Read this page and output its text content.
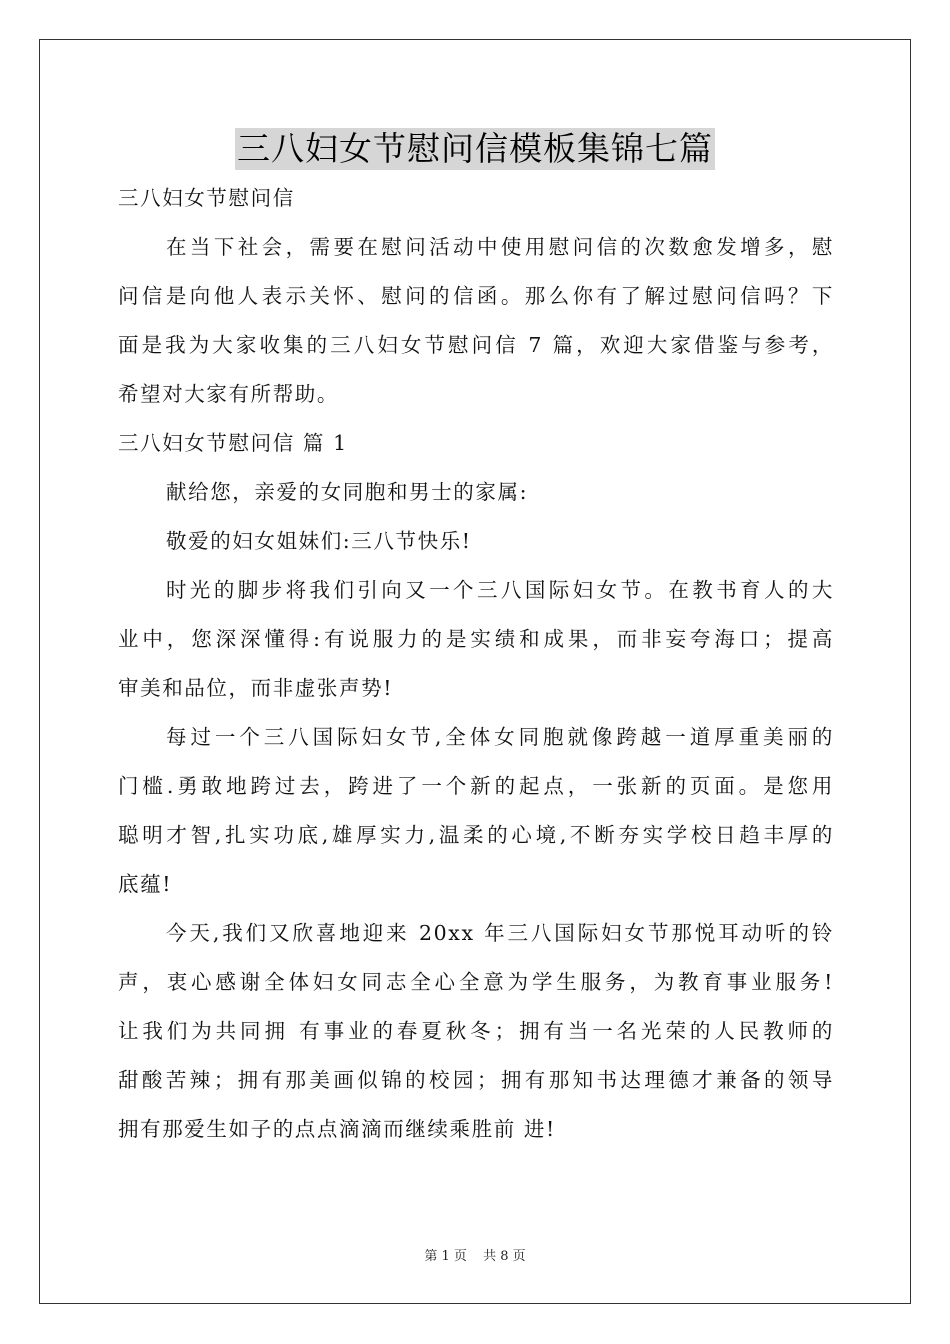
三八妇女节慰问信模板集锦七篇
三八妇女节慰问信
在当下社会，需要在慰问活动中使用慰问信的次数愈发增多，慰
问信是向他人表示关怀、慰问的信函。那么你有了解过慰问信吗？下
面是我为大家收集的三八妇女节慰问信 7 篇，欢迎大家借鉴与参考，
希望对大家有所帮助。
三八妇女节慰问信 篇 1
献给您，亲爱的女同胞和男士的家属:
敬爱的妇女姐妹们:三八节快乐!
时光的脚步将我们引向又一个三八国际妇女节。在教书育人的大
业中，您深深懂得:有说服力的是实绩和成果，而非妄夸海口；提高
审美和品位，而非虚张声势!
每过一个三八国际妇女节,全体女同胞就像跨越一道厚重美丽的
门槛.勇敢地跨过去，跨进了一个新的起点，一张新的页面。是您用
聪明才智,扎实功底,雄厚实力,温柔的心境,不断夯实学校日趋丰厚的
底蕴!
今天,我们又欣喜地迎来 20xx 年三八国际妇女节那悦耳动听的铃
声，衷心感谢全体妇女同志全心全意为学生服务，为教育事业服务!
让我们为共同拥 有事业的春夏秋冬；拥有当一名光荣的人民教师的
甜酸苦辣；拥有那美画似锦的校园；拥有那知书达理德才兼备的领导
拥有那爱生如子的点点滴滴而继续乘胜前 进!
第 1 页 共 8 页
